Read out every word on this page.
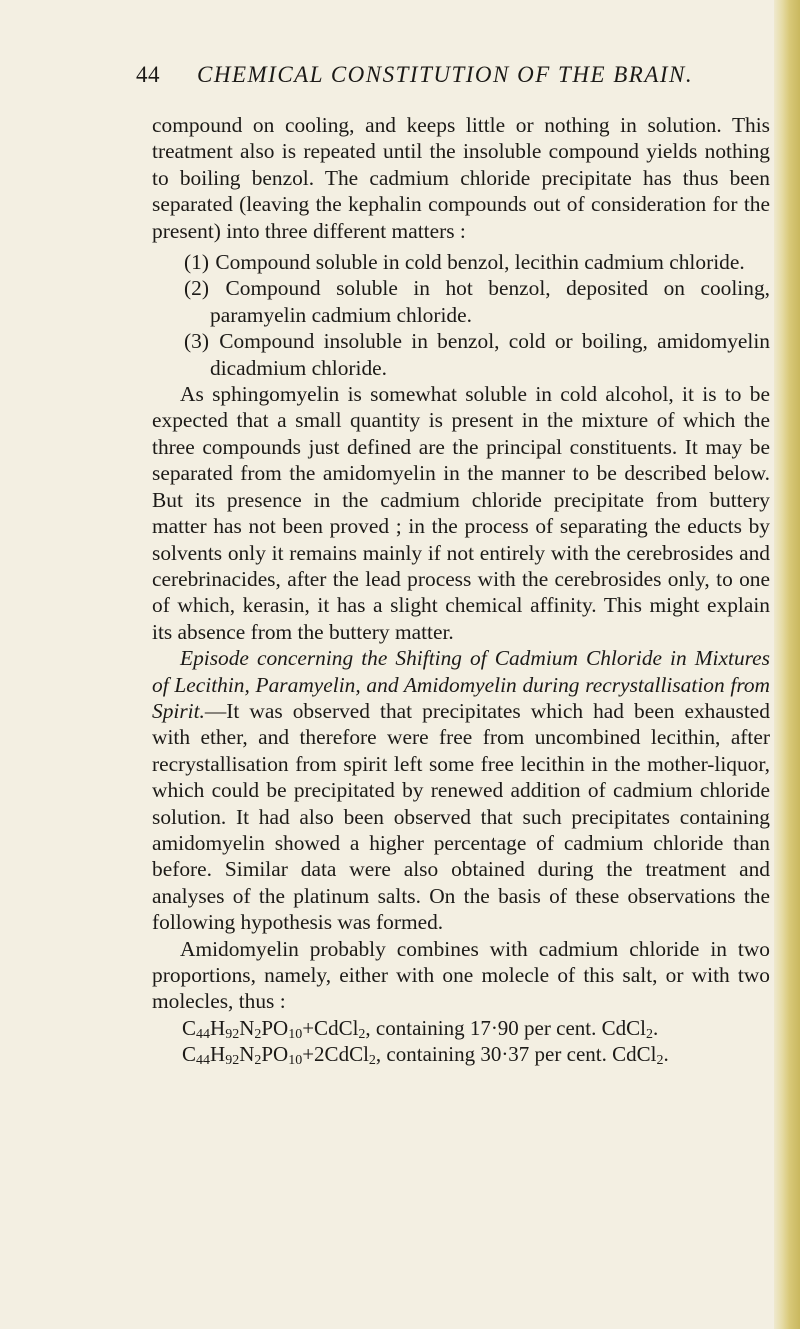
44 CHEMICAL CONSTITUTION OF THE BRAIN.

compound on cooling, and keeps little or nothing in solution. This treatment also is repeated until the insoluble compound yields nothing to boiling benzol. The cadmium chloride precipitate has thus been separated (leaving the kephalin compounds out of consideration for the present) into three different matters :

(1) Compound soluble in cold benzol, lecithin cadmium chloride.

(2) Compound soluble in hot benzol, deposited on cooling, paramyelin cadmium chloride.

(3) Compound insoluble in benzol, cold or boiling, amidomyelin dicadmium chloride.

As sphingomyelin is somewhat soluble in cold alcohol, it is to be expected that a small quantity is present in the mixture of which the three compounds just defined are the principal constituents. It may be separated from the amidomyelin in the manner to be described below. But its presence in the cadmium chloride precipitate from buttery matter has not been proved ; in the process of separating the educts by solvents only it remains mainly if not entirely with the cerebrosides and cerebrinacides, after the lead process with the cerebrosides only, to one of which, kerasin, it has a slight chemical affinity. This might explain its absence from the buttery matter.

Episode concerning the Shifting of Cadmium Chloride in Mixtures of Lecithin, Paramyelin, and Amidomyelin during recrystallisation from Spirit.—It was observed that precipitates which had been exhausted with ether, and therefore were free from uncombined lecithin, after recrystallisation from spirit left some free lecithin in the mother-liquor, which could be precipitated by renewed addition of cadmium chloride solution. It had also been observed that such precipitates containing amidomyelin showed a higher percentage of cadmium chloride than before. Similar data were also obtained during the treatment and analyses of the platinum salts. On the basis of these observations the following hypothesis was formed.

Amidomyelin probably combines with cadmium chloride in two proportions, namely, either with one molecle of this salt, or with two molecles, thus :

$C_{44}H_{92}N_2PO_{10}+CdCl_2$, containing 17·90 per cent. CdCl$_2$.

$C_{44}H_{92}N_2PO_{10}+2CdCl_2$, containing 30·37 per cent. CdCl$_2$.
